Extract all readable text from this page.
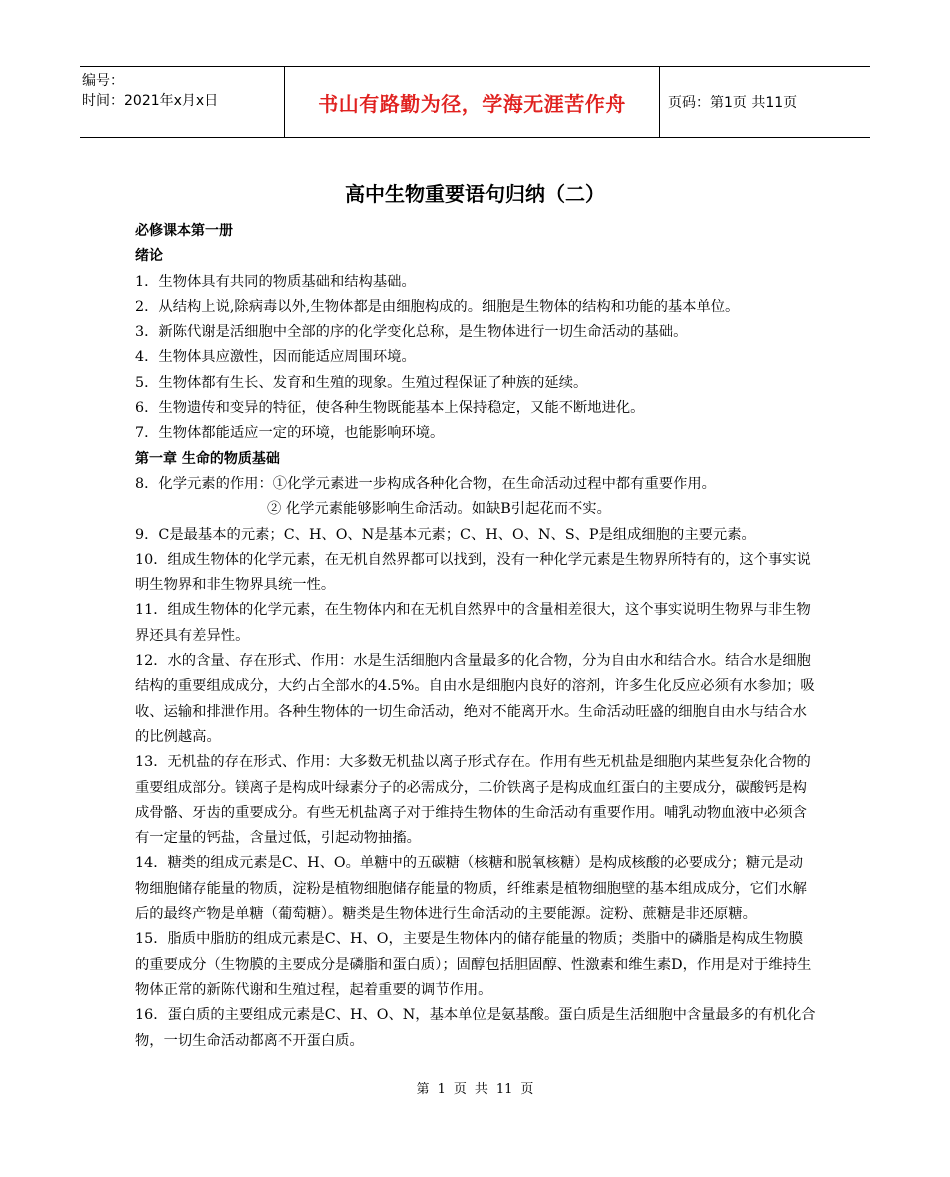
编号：
时间：2021年x月x日	书山有路勤为径，学海无涯苦作舟	页码：第1页 共11页
高中生物重要语句归纳（二）

必修课本第一册

绪论

1．生物体具有共同的物质基础和结构基础。

2．从结构上说,除病毒以外,生物体都是由细胞构成的。细胞是生物体的结构和功能的基本单位。

3．新陈代谢是活细胞中全部的序的化学变化总称，是生物体进行一切生命活动的基础。

4．生物体具应激性，因而能适应周围环境。

5．生物体都有生长、发育和生殖的现象。生殖过程保证了种族的延续。

6．生物遗传和变异的特征，使各种生物既能基本上保持稳定，又能不断地进化。

7．生物体都能适应一定的环境，也能影响环境。

第一章 生命的物质基础

8．化学元素的作用：①化学元素进一步构成各种化合物，在生命活动过程中都有重要作用。

② 化学元素能够影响生命活动。如缺B引起花而不实。

9．C是最基本的元素；C、H、O、N是基本元素；C、H、O、N、S、P是组成细胞的主要元素。

10．组成生物体的化学元素，在无机自然界都可以找到，没有一种化学元素是生物界所特有的，这个事实说明生物界和非生物界具统一性。

11．组成生物体的化学元素，在生物体内和在无机自然界中的含量相差很大，这个事实说明生物界与非生物界还具有差异性。

12．水的含量、存在形式、作用：水是生活细胞内含量最多的化合物，分为自由水和结合水。结合水是细胞结构的重要组成成分，大约占全部水的4.5%。自由水是细胞内良好的溶剂，许多生化反应必须有水参加；吸收、运输和排泄作用。各种生物体的一切生命活动，绝对不能离开水。生命活动旺盛的细胞自由水与结合水的比例越高。

13．无机盐的存在形式、作用：大多数无机盐以离子形式存在。作用有些无机盐是细胞内某些复杂化合物的重要组成部分。镁离子是构成叶绿素分子的必需成分，二价铁离子是构成血红蛋白的主要成分，碳酸钙是构成骨骼、牙齿的重要成分。有些无机盐离子对于维持生物体的生命活动有重要作用。哺乳动物血液中必须含有一定量的钙盐，含量过低，引起动物抽搐。

14．糖类的组成元素是C、H、O。单糖中的五碳糖（核糖和脱氧核糖）是构成核酸的必要成分；糖元是动物细胞储存能量的物质，淀粉是植物细胞储存能量的物质，纤维素是植物细胞壁的基本组成成分，它们水解后的最终产物是单糖（葡萄糖）。糖类是生物体进行生命活动的主要能源。淀粉、蔗糖是非还原糖。

15．脂质中脂肪的组成元素是C、H、O，主要是生物体内的储存能量的物质；类脂中的磷脂是构成生物膜的重要成分（生物膜的主要成分是磷脂和蛋白质）；固醇包括胆固醇、性激素和维生素D，作用是对于维持生物体正常的新陈代谢和生殖过程，起着重要的调节作用。

16．蛋白质的主要组成元素是C、H、O、N，基本单位是氨基酸。蛋白质是生活细胞中含量最多的有机化合物，一切生命活动都离不开蛋白质。

第 1 页 共 11 页
